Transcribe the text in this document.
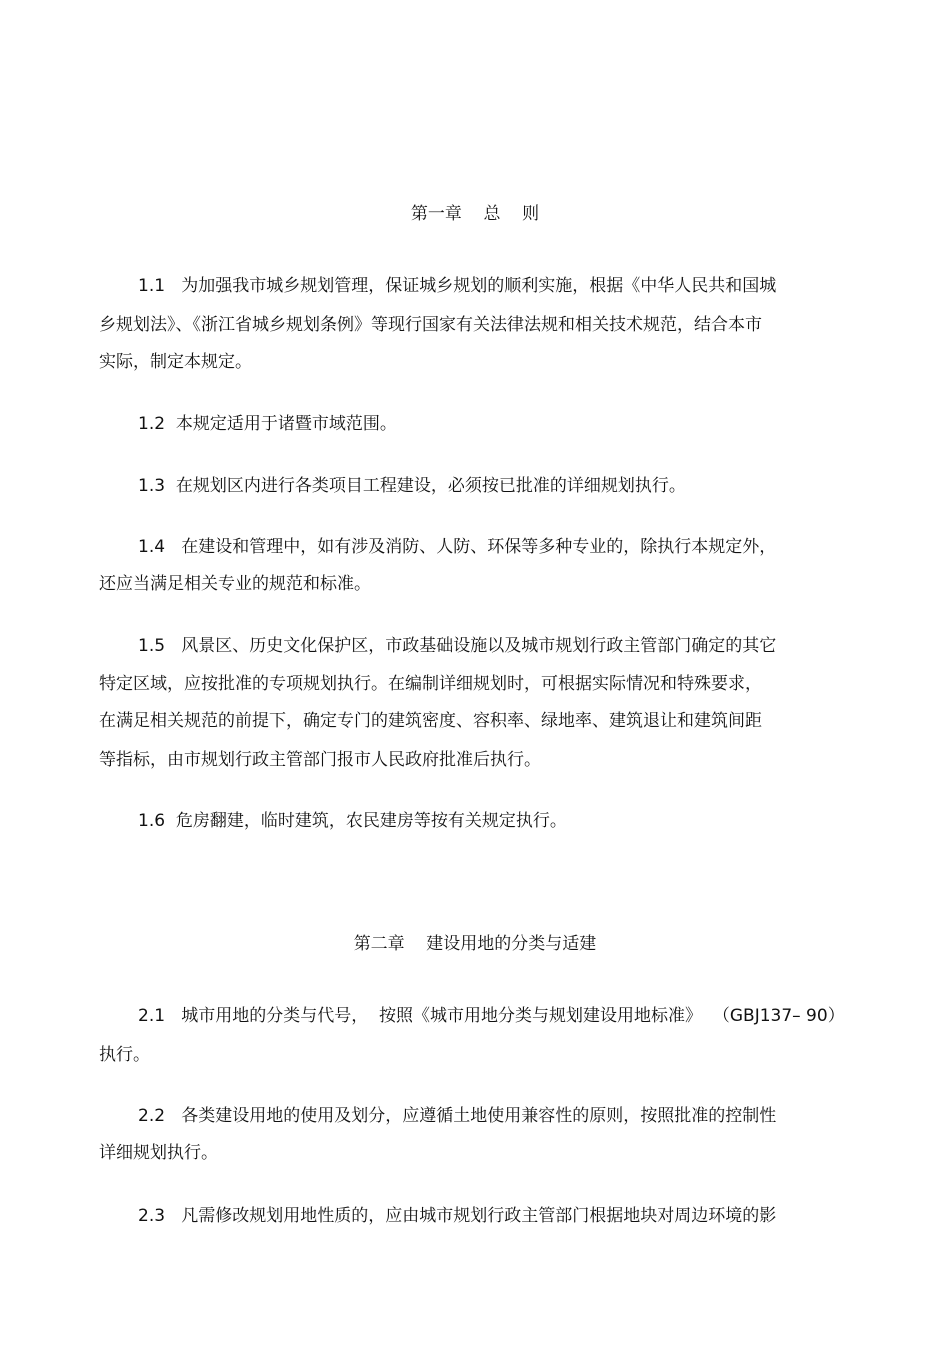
第一章    总    则
1.1   为加强我市城乡规划管理，保证城乡规划的顺利实施，根据《中华人民共和国城
乡规划法》、《浙江省城乡规划条例》等现行国家有关法律法规和相关技术规范，结合本市
实际，制定本规定。
1.2  本规定适用于诸暨市域范围。
1.3  在规划区内进行各类项目工程建设，必须按已批准的详细规划执行。
1.4   在建设和管理中，如有涉及消防、人防、环保等多种专业的，除执行本规定外，
还应当满足相关专业的规范和标准。
1.5   风景区、历史文化保护区，市政基础设施以及城市规划行政主管部门确定的其它
特定区域，应按批准的专项规划执行。在编制详细规划时，可根据实际情况和特殊要求，
在满足相关规范的前提下，确定专门的建筑密度、容积率、绿地率、建筑退让和建筑间距
等指标，由市规划行政主管部门报市人民政府批准后执行。
1.6  危房翻建，临时建筑，农民建房等按有关规定执行。
第二章    建设用地的分类与适建
2.1   城市用地的分类与代号，  按照《城市用地分类与规划建设用地标准》  （GBJ137– 90）
执行。
2.2   各类建设用地的使用及划分，应遵循土地使用兼容性的原则，按照批准的控制性
详细规划执行。
2.3   凡需修改规划用地性质的，应由城市规划行政主管部门根据地块对周边环境的影
